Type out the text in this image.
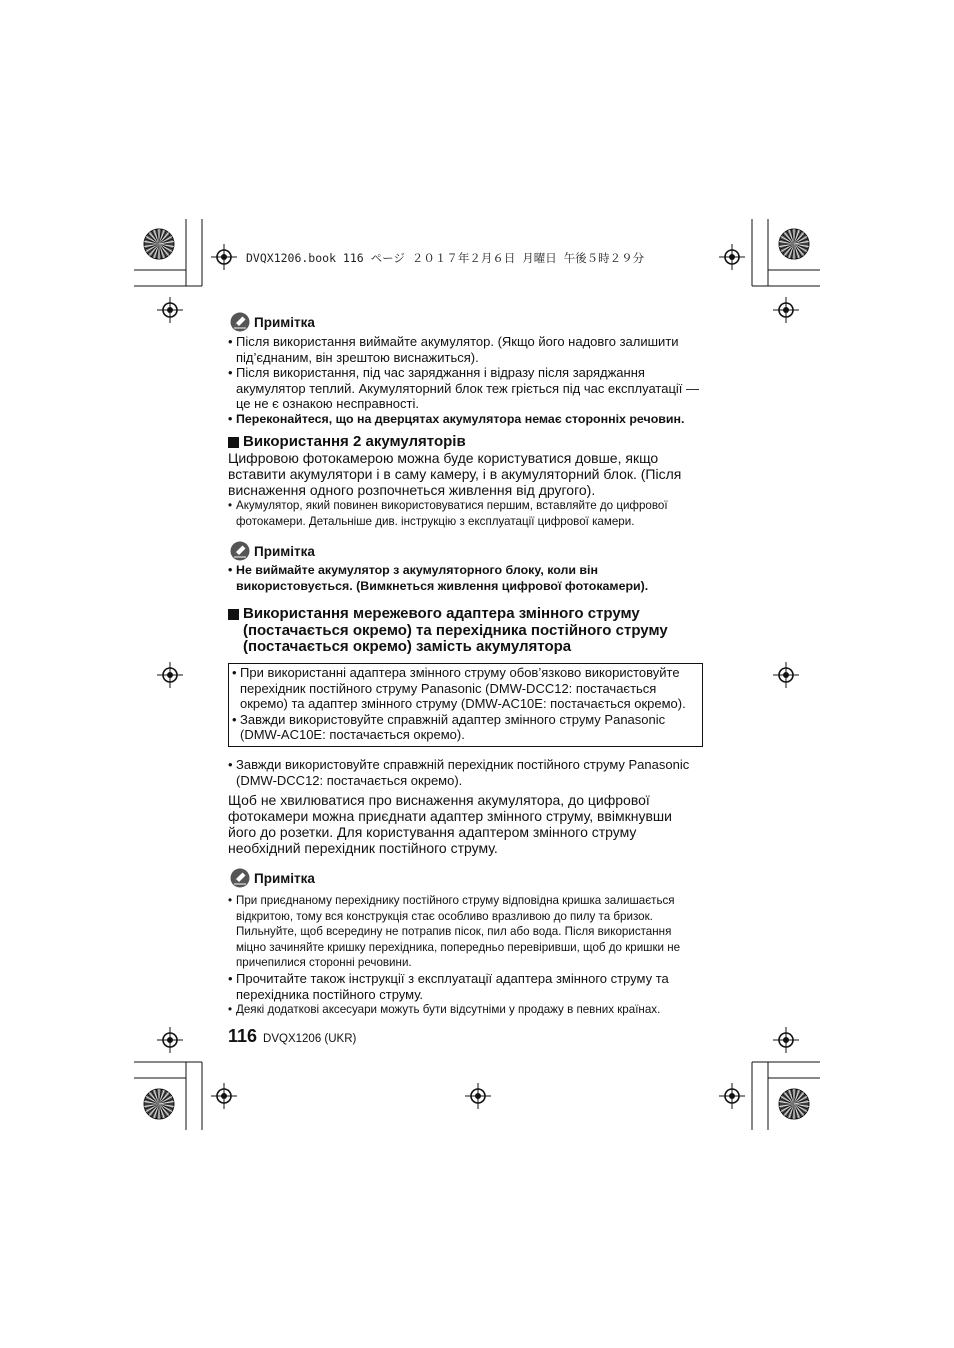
DVQX1206.book 116 ページ ２０１７年２月６日 月曜日 午後５時２９分
Примітка
• Після використання виймайте акумулятор. (Якщо його надовго залишити під’єднаним, він зрештою виснажиться).
• Після використання, під час заряджання і відразу після заряджання акумулятор теплий. Акумуляторний блок теж гріється під час експлуатації — це не є ознакою несправності.
• Переконайтеся, що на дверцятах акумулятора немає сторонніх речовин.
Використання 2 акумуляторів
Цифровою фотокамерою можна буде користуватися довше, якщо вставити акумулятори і в саму камеру, і в акумуляторний блок. (Після виснаження одного розпочнеться живлення від другого).
• Акумулятор, який повинен використовуватися першим, вставляйте до цифрової фотокамери. Детальніше див. інструкцію з експлуатації цифрової камери.
Примітка
• Не виймайте акумулятор з акумуляторного блоку, коли він використовується. (Вимкнеться живлення цифрової фотокамери).
Використання мережевого адаптера змінного струму (постачається окремо) та перехідника постійного струму (постачається окремо) замість акумулятора
• При використанні адаптера змінного струму обов’язково використовуйте перехідник постійного струму Panasonic (DMW-DCC12: постачається окремо) та адаптер змінного струму (DMW-AC10E: постачається окремо).
• Завжди використовуйте справжній адаптер змінного струму Panasonic (DMW-AC10E: постачається окремо).
• Завжди використовуйте справжній перехідник постійного струму Panasonic (DMW-DCC12: постачається окремо).
Щоб не хвилюватися про виснаження акумулятора, до цифрової фотокамери можна приєднати адаптер змінного струму, ввімкнувши його до розетки. Для користування адаптером змінного струму необхідний перехідник постійного струму.
Примітка
• При приєднаному перехіднику постійного струму відповідна кришка залишається відкритою, тому вся конструкція стає особливо вразливою до пилу та бризок. Пильнуйте, щоб всередину не потрапив пісок, пил або вода. Після використання міцно зачиняйте кришку перехідника, попередньо перевіривши, щоб до кришки не причепилися сторонні речовини.
• Прочитайте також інструкції з експлуатації адаптера змінного струму та перехідника постійного струму.
• Деякі додаткові аксесуари можуть бути відсутніми у продажу в певних країнах.
116 DVQX1206 (UKR)
